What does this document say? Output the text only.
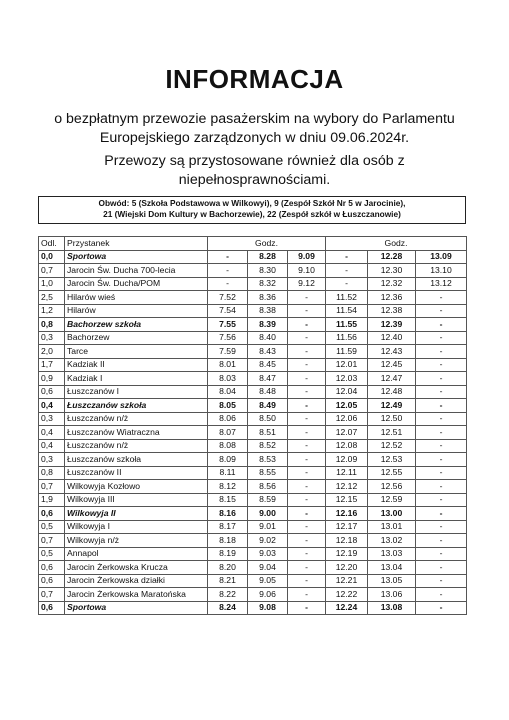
INFORMACJA
o bezpłatnym przewozie pasażerskim na wybory do Parlamentu
Europejskiego zarządzonych w dniu 09.06.2024r.
Przewozy są przystosowane również dla osób z
niepełnosprawnościami.
Obwód: 5 (Szkoła Podstawowa w Wilkowyi), 9 (Zespół Szkół Nr 5 w Jarocinie),
21 (Wiejski Dom Kultury w Bachorzewie), 22 (Zespół szkół w Łuszczanowie)
Odl.	Przystanek	Godz.			Godz.		
0,0	Sportowa	-	8.28	9.09	-	12.28	13.09
0,7	Jarocin Św. Ducha 700-lecia	-	8.30	9.10	-	12.30	13.10
1,0	Jarocin Św. Ducha/POM	-	8.32	9.12	-	12.32	13.12
2,5	Hilarów wieś	7.52	8.36	-	11.52	12.36	-
1,2	Hilarów	7.54	8.38	-	11.54	12.38	-
0,8	Bachorzew szkoła	7.55	8.39	-	11.55	12.39	-
0,3	Bachorzew	7.56	8.40	-	11.56	12.40	-
2,0	Tarce	7.59	8.43	-	11.59	12.43	-
1,7	Kadziak II	8.01	8.45	-	12.01	12.45	-
0,9	Kadziak I	8.03	8.47	-	12.03	12.47	-
0,6	Łuszczanów I	8.04	8.48	-	12.04	12.48	-
0,4	Łuszczanów szkoła	8.05	8.49	-	12.05	12.49	-
0,3	Łuszczanów n/ż	8.06	8.50	-	12.06	12.50	-
0,4	Łuszczanów Wiatraczna	8.07	8.51	-	12.07	12.51	-
0,4	Łuszczanów n/ż	8.08	8.52	-	12.08	12.52	-
0,3	Łuszczanów szkoła	8.09	8.53	-	12.09	12.53	-
0,8	Łuszczanów II	8.11	8.55	-	12.11	12.55	-
0,7	Wilkowyja Kozłowo	8.12	8.56	-	12.12	12.56	-
1,9	Wilkowyja III	8.15	8.59	-	12.15	12.59	-
0,6	Wilkowyja II	8.16	9.00	-	12.16	13.00	-
0,5	Wilkowyja I	8.17	9.01	-	12.17	13.01	-
0,7	Wilkowyja n/ż	8.18	9.02	-	12.18	13.02	-
0,5	Annapol	8.19	9.03	-	12.19	13.03	-
0,6	Jarocin Żerkowska Krucza	8.20	9.04	-	12.20	13.04	-
0,6	Jarocin Żerkowska działki	8.21	9.05	-	12.21	13.05	-
0,7	Jarocin Żerkowska Maratońska	8.22	9.06	-	12.22	13.06	-
0,6	Sportowa	8.24	9.08	-	12.24	13.08	-
